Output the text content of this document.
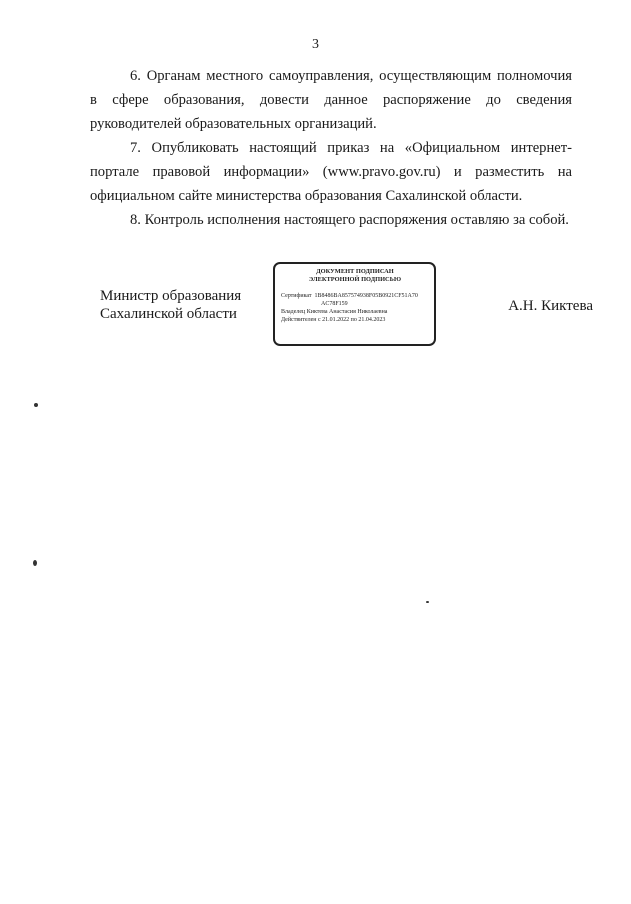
3

6. Органам местного самоуправления, осуществляющим полномочия в сфере образования, довести данное распоряжение до сведения руководителей образовательных организаций.

7. Опубликовать настоящий приказ на «Официальном интернет-портале правовой информации» (www.pravo.gov.ru) и разместить на официальном сайте министерства образования Сахалинской области.

8. Контроль исполнения настоящего распоряжения оставляю за собой.

Министр образования
Сахалинской области
ДОКУМЕНТ ПОДПИСАН
ЭЛЕКТРОННОЙ ПОДПИСЬЮ
Сертификат 1B8486BA857574938F05B0921CF51A70
AC78F159
Владелец Киктева Анастасия Николаевна
Действителен с 21.01.2022 по 21.04.2023
А.Н. Киктева
